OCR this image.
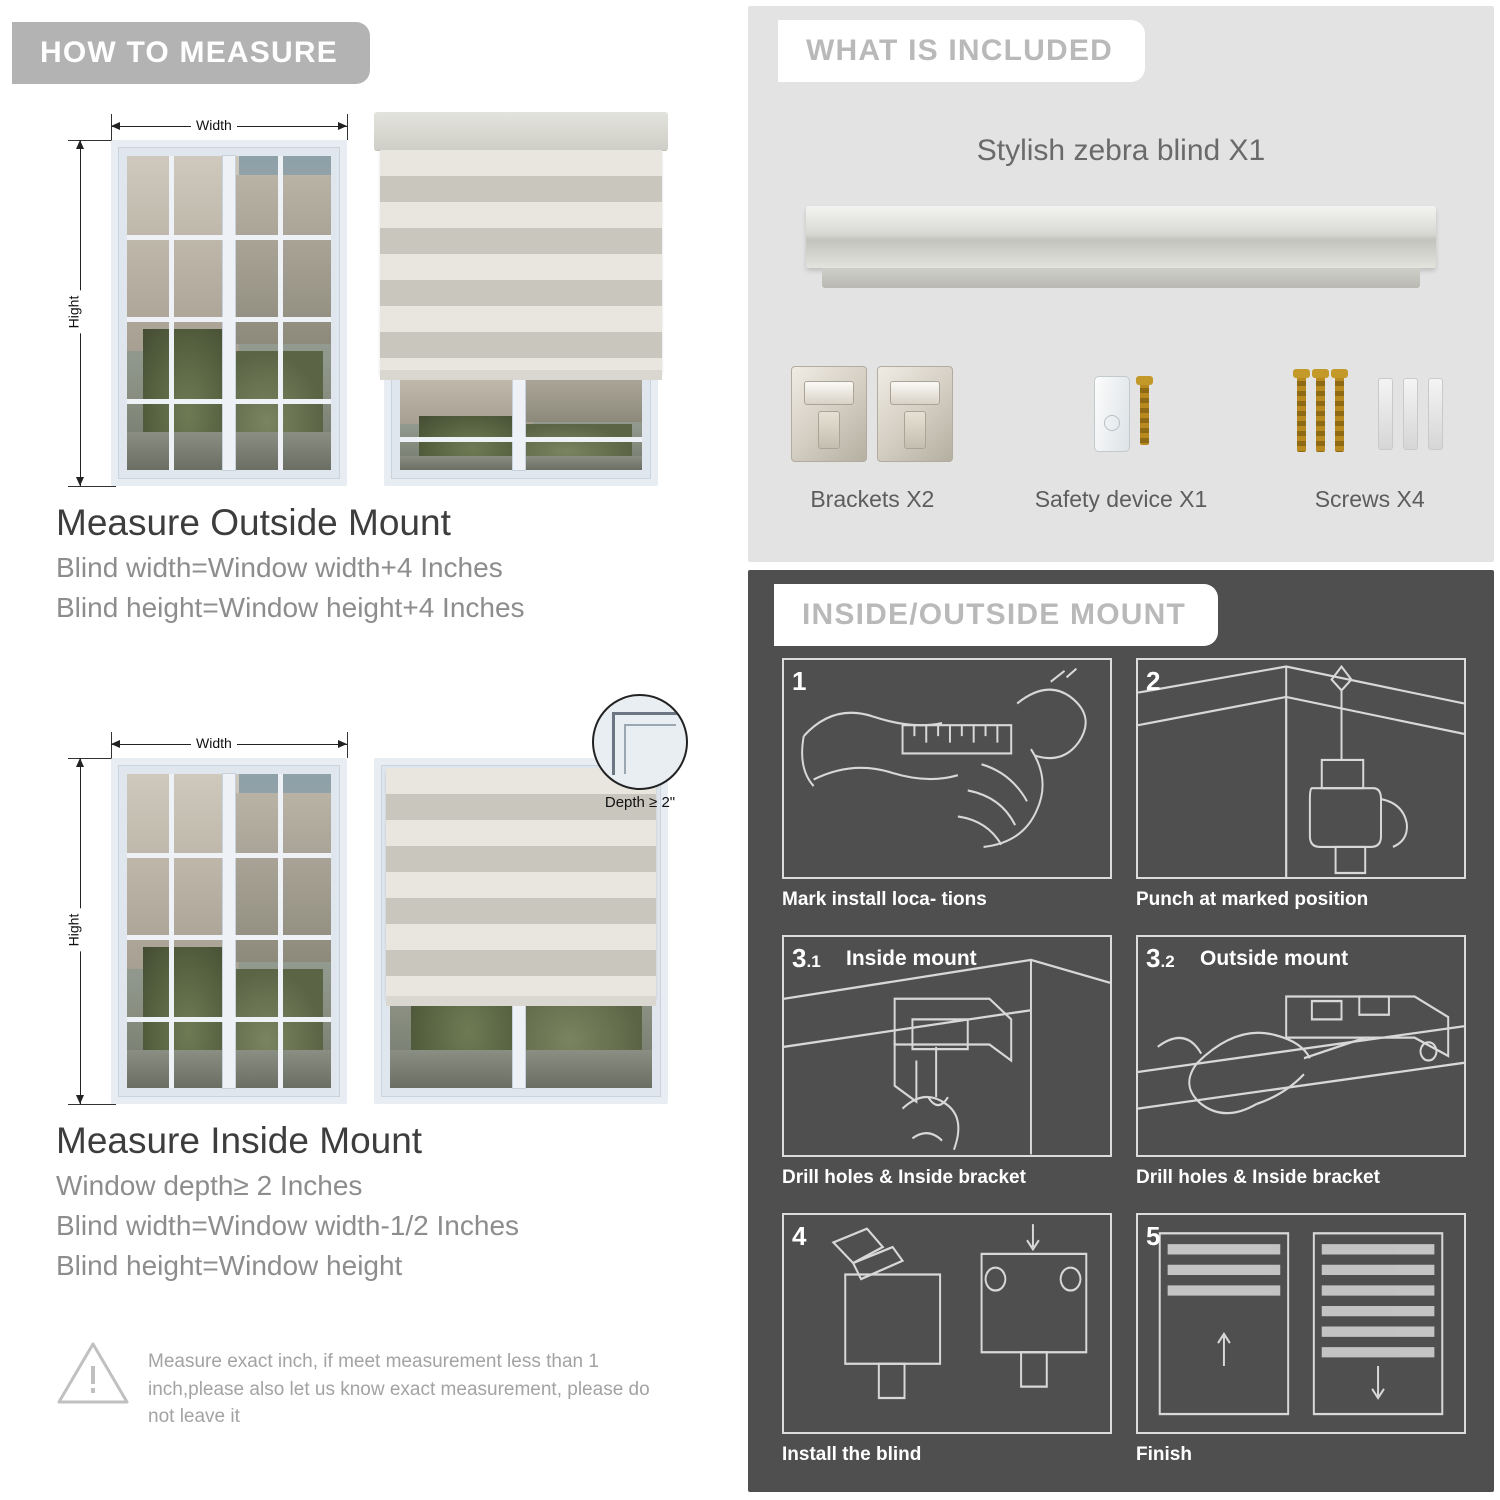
HOW TO MEASURE
Width
Hight
Measure Outside Mount
Blind width=Window width+4 Inches
Blind height=Window height+4 Inches
Width
Hight
Depth ≥ 2"
Measure Inside Mount
Window depth≥ 2 Inches
Blind width=Window width-1/2 Inches
Blind height=Window height
Measure exact inch, if meet measurement less than 1 inch,please also let us know exact measurement, please do not leave it
WHAT IS INCLUDED
Stylish zebra blind X1
Brackets X2	Safety device X1	Screws X4
INSIDE/OUTSIDE MOUNT
1
Mark install loca- tions
2
Punch at marked position
3.1 Inside mount
Drill holes & Inside bracket
3.2 Outside mount
Drill holes & Inside bracket
4
Install the blind
5
Finish
